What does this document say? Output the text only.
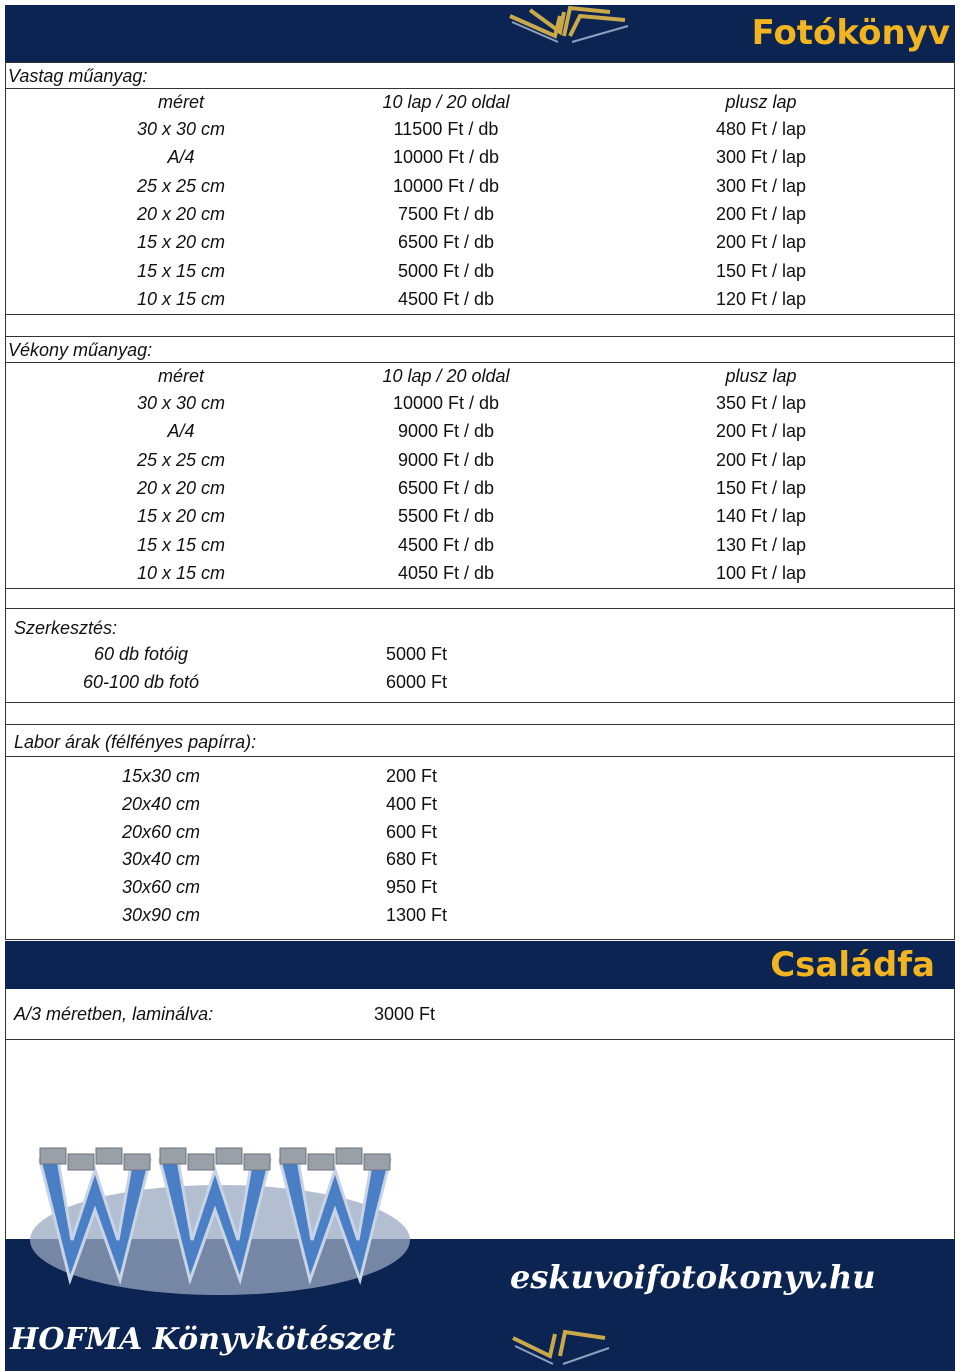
Fotókönyv
Vastag műanyag:
méret	10 lap / 20 oldal	plusz lap
30 x 30 cm	11500 Ft / db	480 Ft / lap
A/4	10000 Ft / db	300 Ft / lap
25 x 25 cm	10000 Ft / db	300 Ft / lap
20 x 20 cm	7500 Ft / db	200 Ft / lap
15 x 20 cm	6500 Ft / db	200 Ft / lap
15 x 15 cm	5000 Ft / db	150 Ft / lap
10 x 15 cm	4500 Ft / db	120 Ft / lap
Vékony műanyag:
méret	10 lap / 20 oldal	plusz lap
30 x 30 cm	10000 Ft / db	350 Ft / lap
A/4	9000 Ft / db	200 Ft / lap
25 x 25 cm	9000 Ft / db	200 Ft / lap
20 x 20 cm	6500 Ft / db	150 Ft / lap
15 x 20 cm	5500 Ft / db	140 Ft / lap
15 x 15 cm	4500 Ft / db	130 Ft / lap
10 x 15 cm	4050 Ft / db	100 Ft / lap
Szerkesztés:
60 db fotóig	5000 Ft
60-100 db fotó	6000 Ft
Labor árak (félfényes papírra):
15x30 cm	200 Ft
20x40 cm	400 Ft
20x60 cm	600 Ft
30x40 cm	680 Ft
30x60 cm	950 Ft
30x90 cm	1300 Ft
Családfa
A/3 méretben, laminálva:	3000 Ft
WWW
eskuvoifotokonyv.hu
HOFMA Könyvkötészet
